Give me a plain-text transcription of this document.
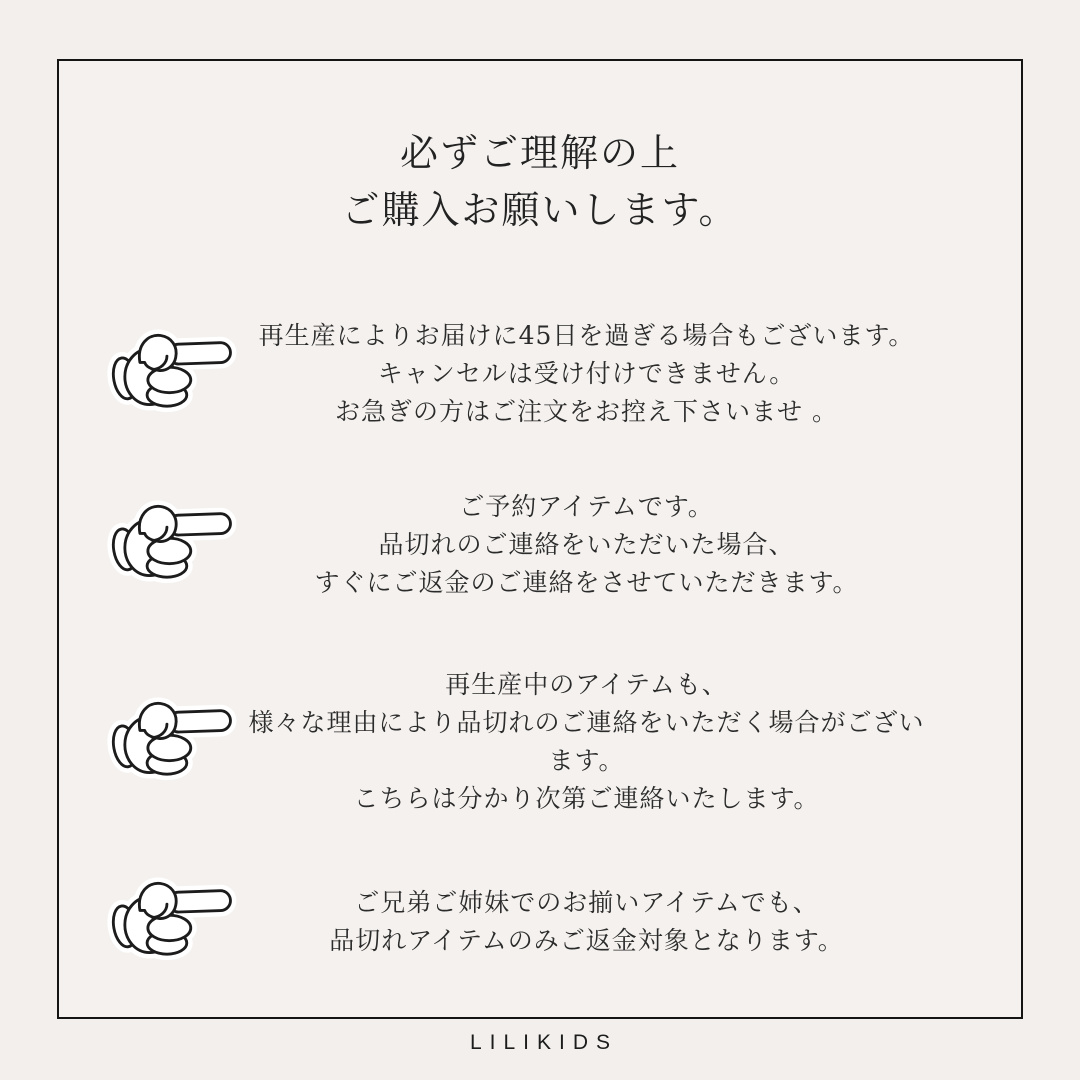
必ずご理解の上
ご購入お願いします。
再生産によりお届けに45日を過ぎる場合もございます。
キャンセルは受け付けできません。
お急ぎの方はご注文をお控え下さいませ 。
ご予約アイテムです。
品切れのご連絡をいただいた場合、
すぐにご返金のご連絡をさせていただきます。
再生産中のアイテムも、
様々な理由により品切れのご連絡をいただく場合がございます。
こちらは分かり次第ご連絡いたします。
ご兄弟ご姉妹でのお揃いアイテムでも、
品切れアイテムのみご返金対象となります。
LILIKIDS
